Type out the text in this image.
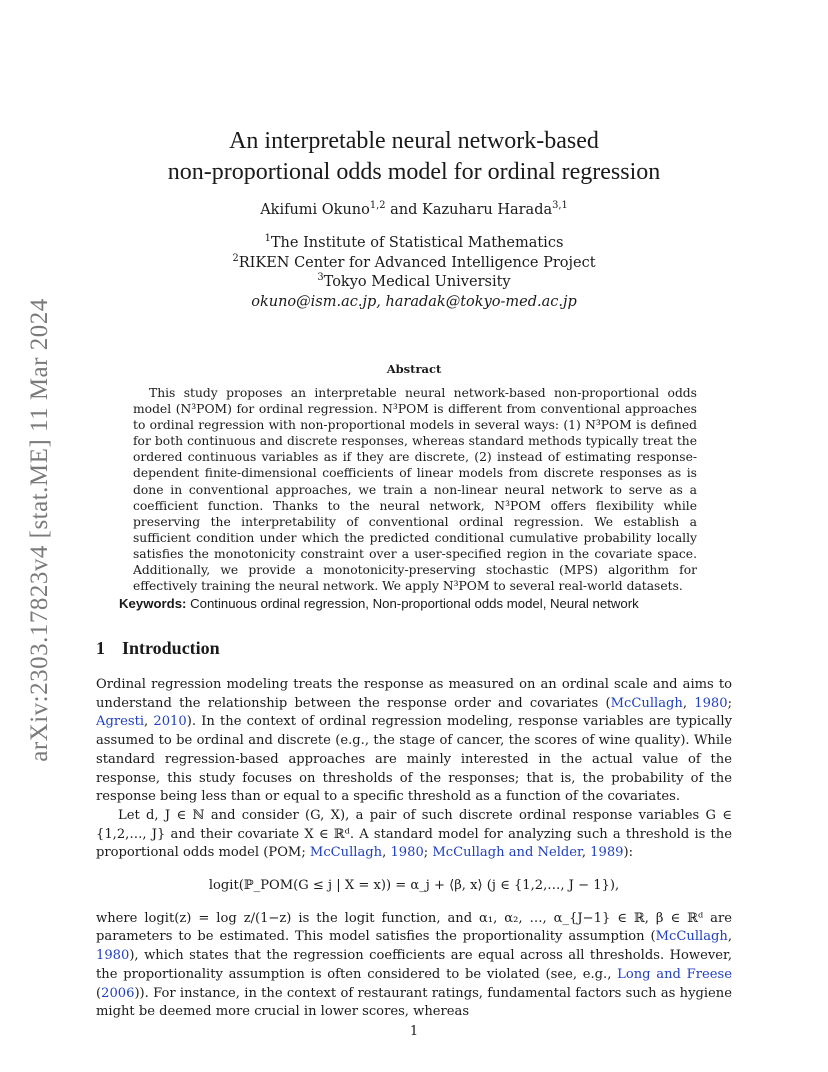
arXiv:2303.17823v4 [stat.ME] 11 Mar 2024
An interpretable neural network-based
non-proportional odds model for ordinal regression
Akifumi Okuno$^{1,2}$ and Kazuharu Harada$^{3,1}$
$^1$The Institute of Statistical Mathematics
$^2$RIKEN Center for Advanced Intelligence Project
$^3$Tokyo Medical University
okuno@ism.ac.jp, haradak@tokyo-med.ac.jp
Abstract

This study proposes an interpretable neural network-based non-proportional odds model (N³POM) for ordinal regression. N³POM is different from conventional approaches to ordinal regression with non-proportional models in several ways: (1) N³POM is defined for both continuous and discrete responses, whereas standard methods typically treat the ordered continuous variables as if they are discrete, (2) instead of estimating response-dependent finite-dimensional coefficients of linear models from discrete responses as is done in conventional approaches, we train a non-linear neural network to serve as a coefficient function. Thanks to the neural network, N³POM offers flexibility while preserving the interpretability of conventional ordinal regression. We establish a sufficient condition under which the predicted conditional cumulative probability locally satisfies the monotonicity constraint over a user-specified region in the covariate space. Additionally, we provide a monotonicity-preserving stochastic (MPS) algorithm for effectively training the neural network. We apply N³POM to several real-world datasets.

Keywords: Continuous ordinal regression, Non-proportional odds model, Neural network
1 Introduction

Ordinal regression modeling treats the response as measured on an ordinal scale and aims to understand the relationship between the response order and covariates (McCullagh, 1980; Agresti, 2010). In the context of ordinal regression modeling, response variables are typically assumed to be ordinal and discrete (e.g., the stage of cancer, the scores of wine quality). While standard regression-based approaches are mainly interested in the actual value of the response, this study focuses on thresholds of the responses; that is, the probability of the response being less than or equal to a specific threshold as a function of the covariates.

Let d, J ∈ ℕ and consider (G, X), a pair of such discrete ordinal response variables G ∈ {1,2,…, J} and their covariate X ∈ ℝᵈ. A standard model for analyzing such a threshold is the proportional odds model (POM; McCullagh, 1980; McCullagh and Nelder, 1989):

logit(ℙ_POM(G ≤ j | X = x)) = α_j + ⟨β, x⟩ (j ∈ {1,2,…, J − 1}),

where logit(z) = log z/(1−z) is the logit function, and α₁, α₂, …, α_{J−1} ∈ ℝ, β ∈ ℝᵈ are parameters to be estimated. This model satisfies the proportionality assumption (McCullagh, 1980), which states that the regression coefficients are equal across all thresholds. However, the proportionality assumption is often considered to be violated (see, e.g., Long and Freese (2006)). For instance, in the context of restaurant ratings, fundamental factors such as hygiene might be deemed more crucial in lower scores, whereas

1
